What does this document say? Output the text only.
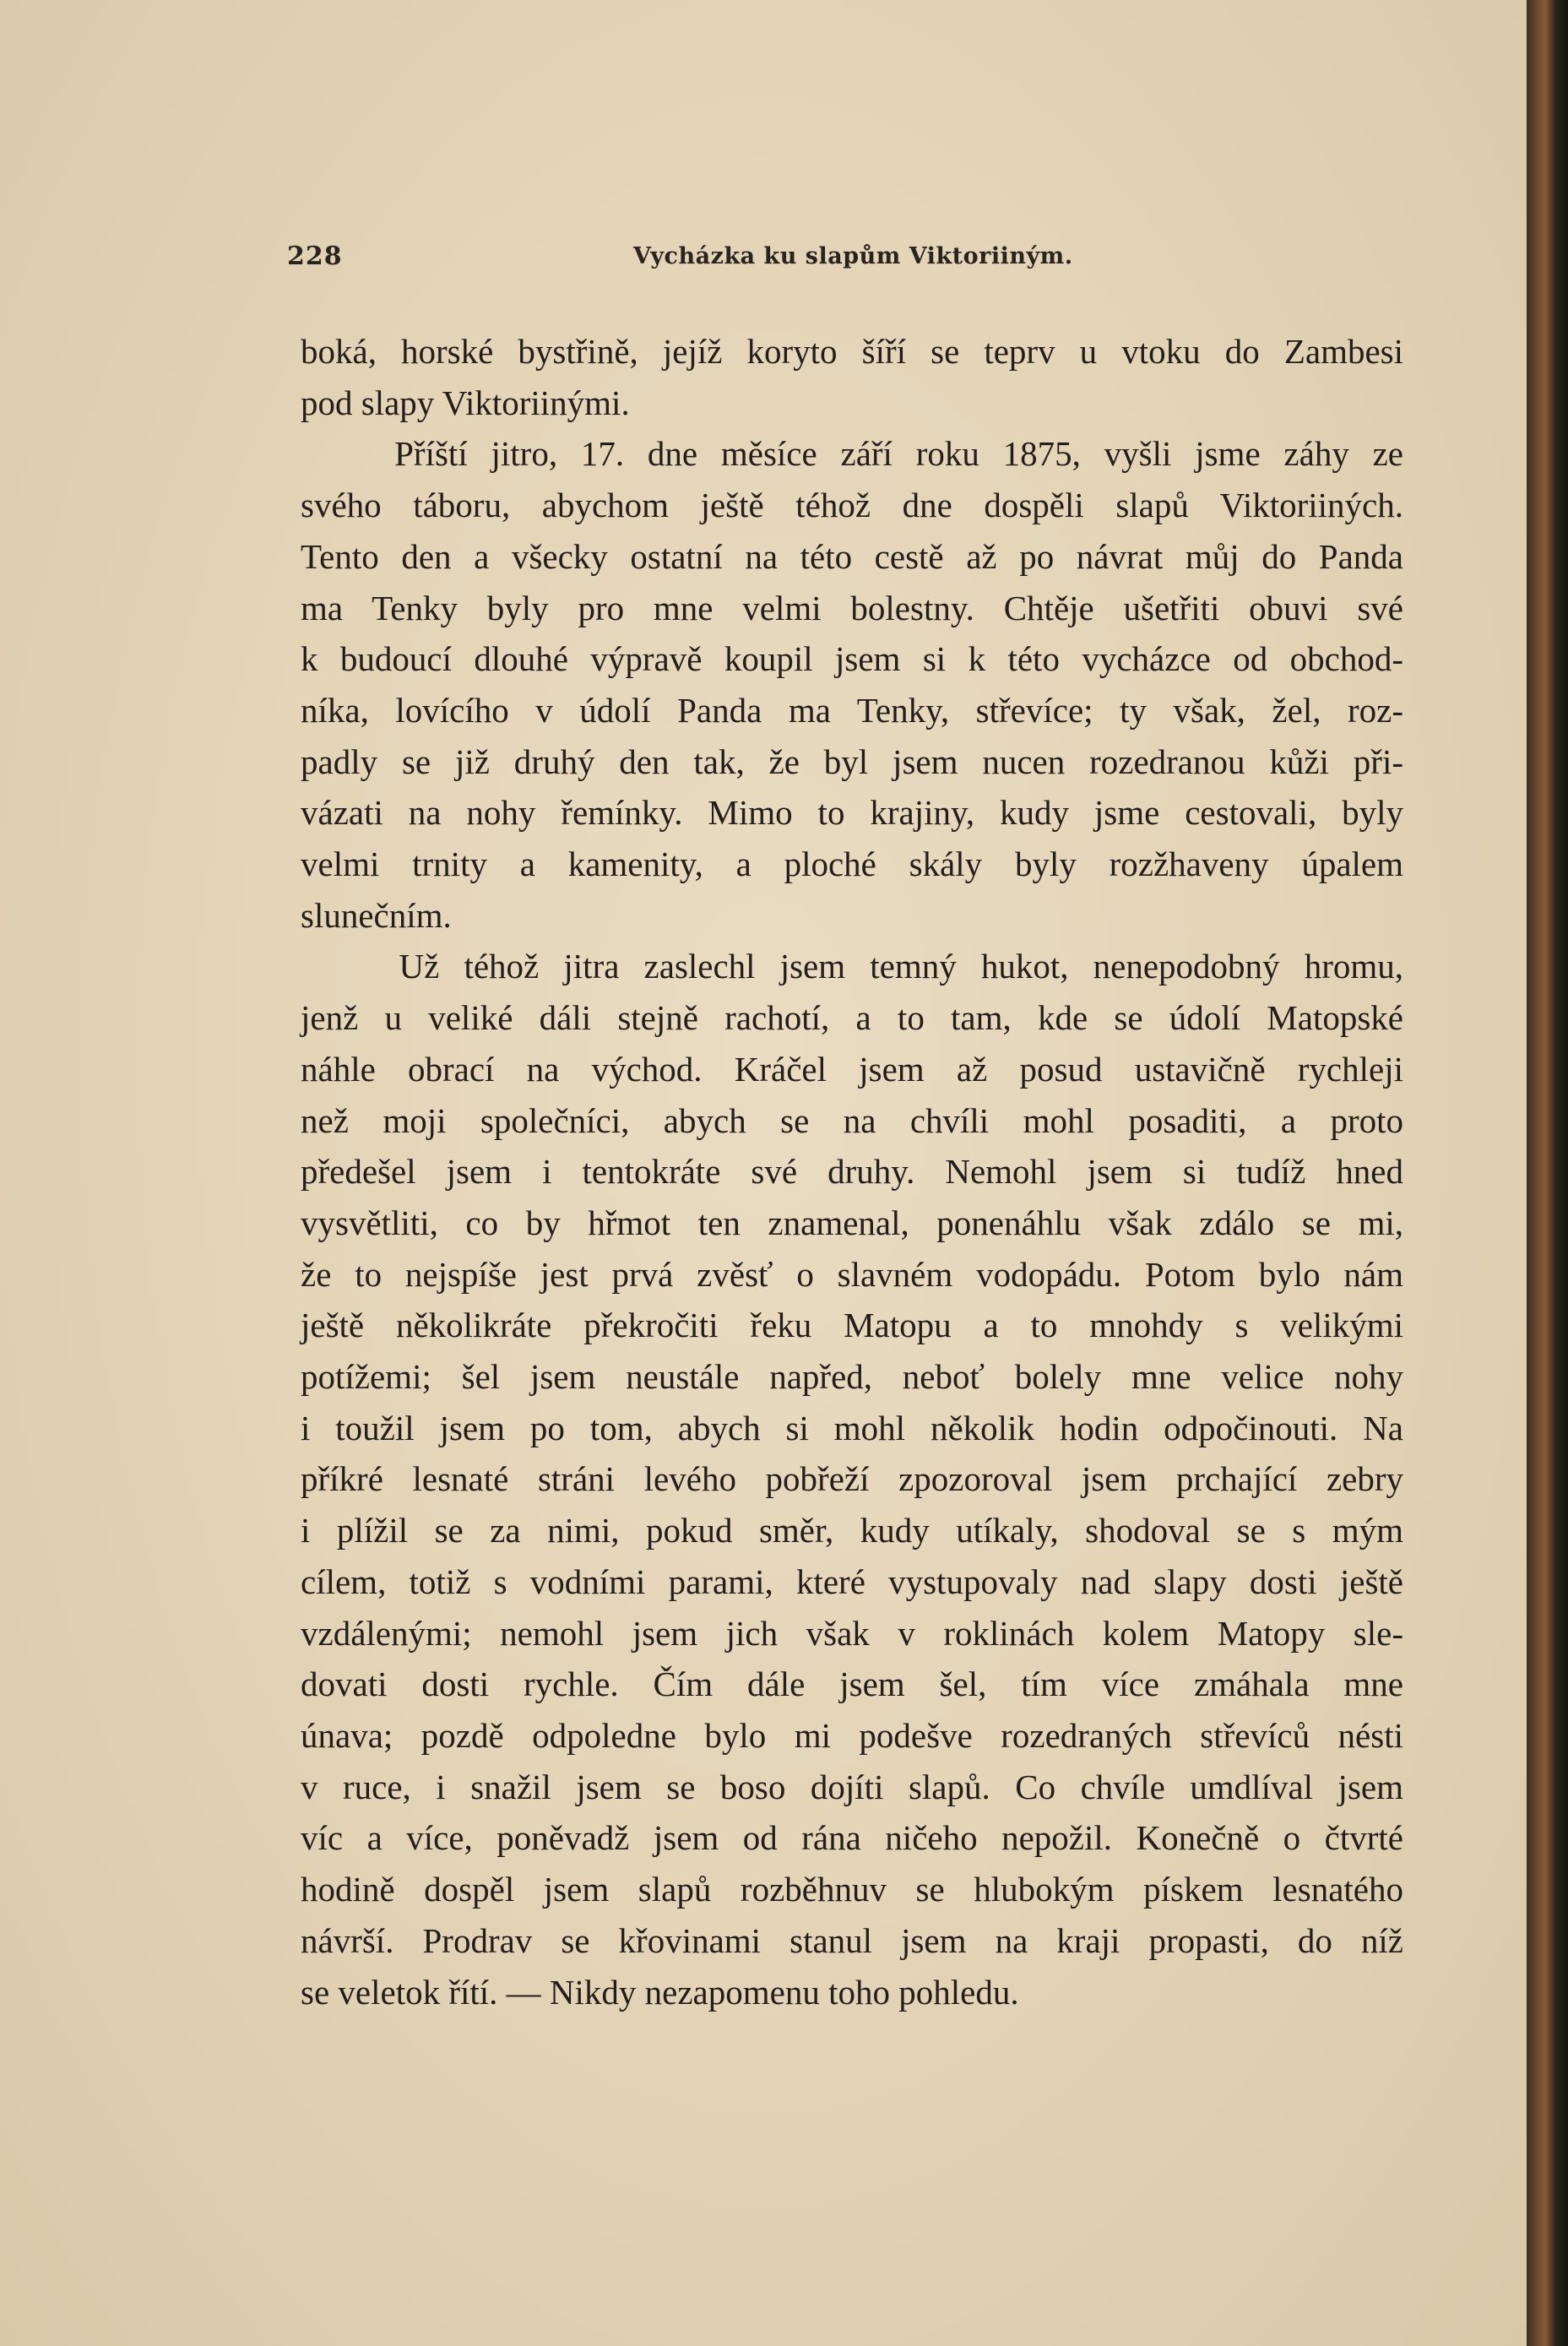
228	Vycházka ku slapům Viktoriiným.
boká, horské bystřině, jejíž koryto šíří se teprv u vtoku do Zambesi
pod slapy Viktoriinými.
Příští jitro, 17. dne měsíce září roku 1875, vyšli jsme záhy ze
svého táboru, abychom ještě téhož dne dospěli slapů Viktoriiných.
Tento den a všecky ostatní na této cestě až po návrat můj do Panda
ma Tenky byly pro mne velmi bolestny. Chtěje ušetřiti obuvi své
k budoucí dlouhé výpravě koupil jsem si k této vycházce od obchod-
níka, lovícího v údolí Panda ma Tenky, střevíce; ty však, žel, roz-
padly se již druhý den tak, že byl jsem nucen rozedranou kůži při-
vázati na nohy řemínky. Mimo to krajiny, kudy jsme cestovali, byly
velmi trnity a kamenity, a ploché skály byly rozžhaveny úpalem
slunečním.
Už téhož jitra zaslechl jsem temný hukot, nenepodobný hromu,
jenž u veliké dáli stejně rachotí, a to tam, kde se údolí Matopské
náhle obrací na východ. Kráčel jsem až posud ustavičně rychleji
než moji společníci, abych se na chvíli mohl posaditi, a proto
předešel jsem i tentokráte své druhy. Nemohl jsem si tudíž hned
vysvětliti, co by hřmot ten znamenal, ponenáhlu však zdálo se mi,
že to nejspíše jest prvá zvěsť o slavném vodopádu. Potom bylo nám
ještě několikráte překročiti řeku Matopu a to mnohdy s velikými
potížemi; šel jsem neustále napřed, neboť bolely mne velice nohy
i toužil jsem po tom, abych si mohl několik hodin odpočinouti. Na
příkré lesnaté stráni levého pobřeží zpozoroval jsem prchající zebry
i plížil se za nimi, pokud směr, kudy utíkaly, shodoval se s mým
cílem, totiž s vodními parami, které vystupovaly nad slapy dosti ještě
vzdálenými; nemohl jsem jich však v roklinách kolem Matopy sle-
dovati dosti rychle. Čím dále jsem šel, tím více zmáhala mne
únava; pozdě odpoledne bylo mi podešve rozedraných střevíců nésti
v ruce, i snažil jsem se boso dojíti slapů. Co chvíle umdlíval jsem
víc a více, poněvadž jsem od rána ničeho nepožil. Konečně o čtvrté
hodině dospěl jsem slapů rozběhnuv se hlubokým pískem lesnatého
návrší. Prodrav se křovinami stanul jsem na kraji propasti, do níž
se veletok řítí. — Nikdy nezapomenu toho pohledu.
